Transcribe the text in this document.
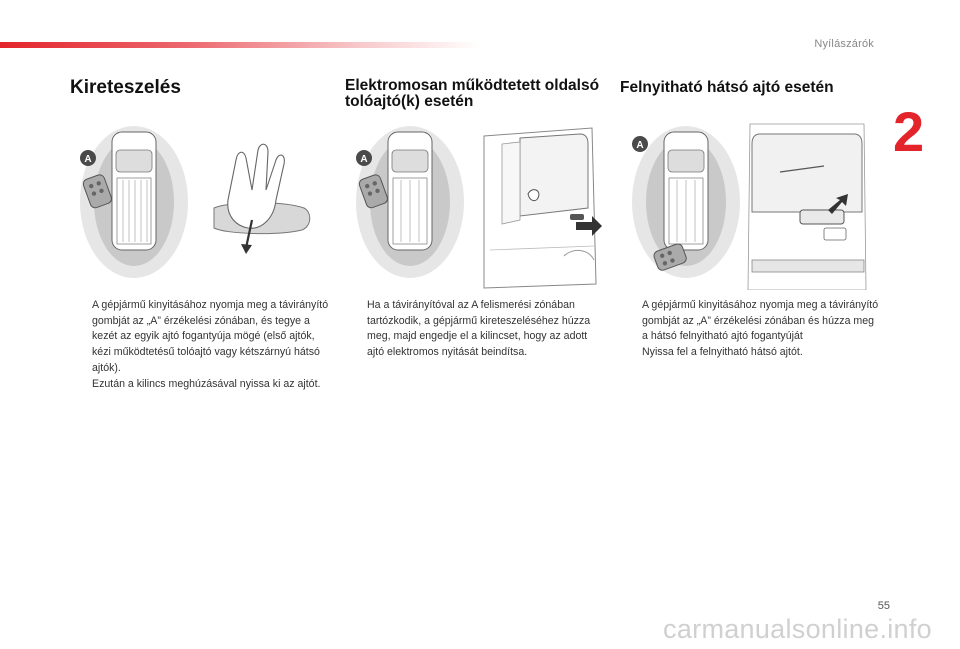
Nyílászárók
2
Kireteszelés
A
A gépjármű kinyitásához nyomja meg a távirányító gombját az „A” érzékelési zónában, és tegye a kezét az egyik ajtó fogantyúja mögé (első ajtók, kézi működtetésű tolóajtó vagy kétszárnyú hátsó ajtók).
Ezután a kilincs meghúzásával nyissa ki az ajtót.
Elektromosan működtetett oldalsó tolóajtó(k) esetén
A
Ha a távirányítóval az A felismerési zónában tartózkodik, a gépjármű kireteszeléséhez húzza meg, majd engedje el a kilincset, hogy az adott ajtó elektromos nyitását beindítsa.
Felnyitható hátsó ajtó esetén
A
A gépjármű kinyitásához nyomja meg a távirányító gombját az „A” érzékelési zónában és húzza meg a hátsó felnyitható ajtó fogantyúját
Nyissa fel a felnyitható hátsó ajtót.
55
carmanualsonline.info
